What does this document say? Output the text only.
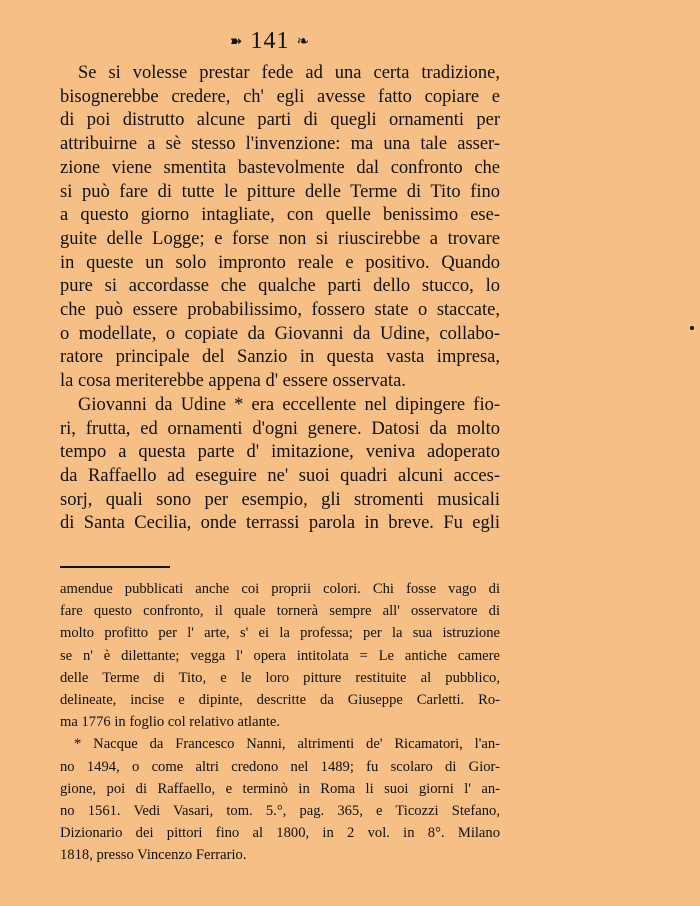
➽ 141 ❧
Se si volesse prestar fede ad una certa tradizione,
bisognerebbe credere, ch' egli avesse fatto copiare e
di poi distrutto alcune parti di quegli ornamenti per
attribuirne a sè stesso l'invenzione: ma una tale asser-
zione viene smentita bastevolmente dal confronto che
si può fare di tutte le pitture delle Terme di Tito fino
a questo giorno intagliate, con quelle benissimo ese-
guite delle Logge; e forse non si riuscirebbe a trovare
in queste un solo impronto reale e positivo. Quando
pure si accordasse che qualche parti dello stucco, lo
che può essere probabilissimo, fossero state o staccate,
o modellate, o copiate da Giovanni da Udine, collabo-
ratore principale del Sanzio in questa vasta impresa,
la cosa meriterebbe appena d' essere osservata.
Giovanni da Udine * era eccellente nel dipingere fio-
ri, frutta, ed ornamenti d'ogni genere. Datosi da molto
tempo a questa parte d' imitazione, veniva adoperato
da Raffaello ad eseguire ne' suoi quadri alcuni acces-
sorj, quali sono per esempio, gli stromenti musicali
di Santa Cecilia, onde terrassi parola in breve. Fu egli
amendue pubblicati anche coi proprii colori. Chi fosse vago di
fare questo confronto, il quale tornerà sempre all' osservatore di
molto profitto per l' arte, s' ei la professa; per la sua istruzione
se n' è dilettante; vegga l' opera intitolata = Le antiche camere
delle Terme di Tito, e le loro pitture restituite al pubblico,
delineate, incise e dipinte, descritte da Giuseppe Carletti. Ro-
ma 1776 in foglio col relativo atlante.
* Nacque da Francesco Nanni, altrimenti de' Ricamatori, l'an-
no 1494, o come altri credono nel 1489; fu scolaro di Gior-
gione, poi di Raffaello, e terminò in Roma li suoi giorni l' an-
no 1561. Vedi Vasari, tom. 5.°, pag. 365, e Ticozzi Stefano,
Dizionario dei pittori fino al 1800, in 2 vol. in 8°. Milano
1818, presso Vincenzo Ferrario.
